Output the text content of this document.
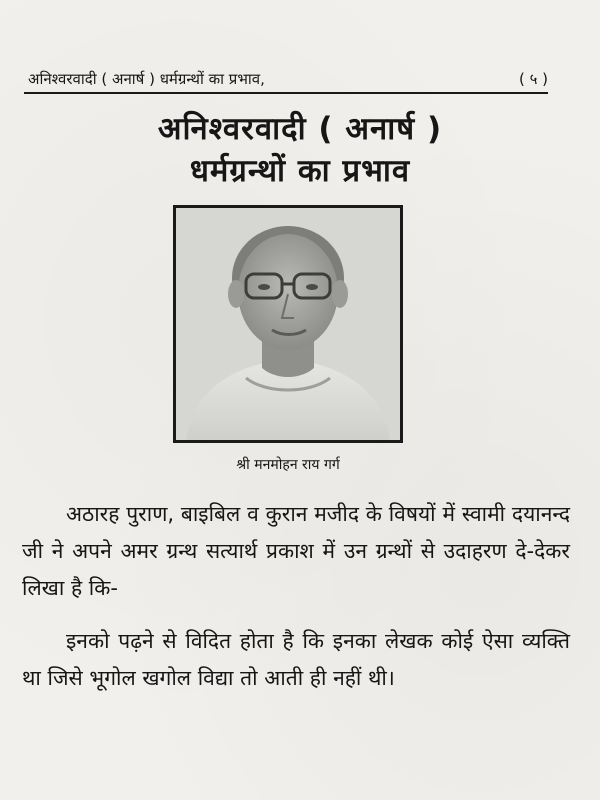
अनिश्वरवादी ( अनार्ष ) धर्मग्रन्थों का प्रभाव,	( ५ )
अनिश्वरवादी ( अनार्ष )
धर्मग्रन्थों का प्रभाव
श्री मनमोहन राय गर्ग

अठारह पुराण, बाइबिल व कुरान मजीद के विषयों में स्वामी दयानन्द जी ने अपने अमर ग्रन्थ सत्यार्थ प्रकाश में उन ग्रन्थों से उदाहरण दे-देकर लिखा है कि-

इनको पढ़ने से विदित होता है कि इनका लेखक कोई ऐसा व्यक्ति था जिसे भूगोल खगोल विद्या तो आती ही नहीं थी।
